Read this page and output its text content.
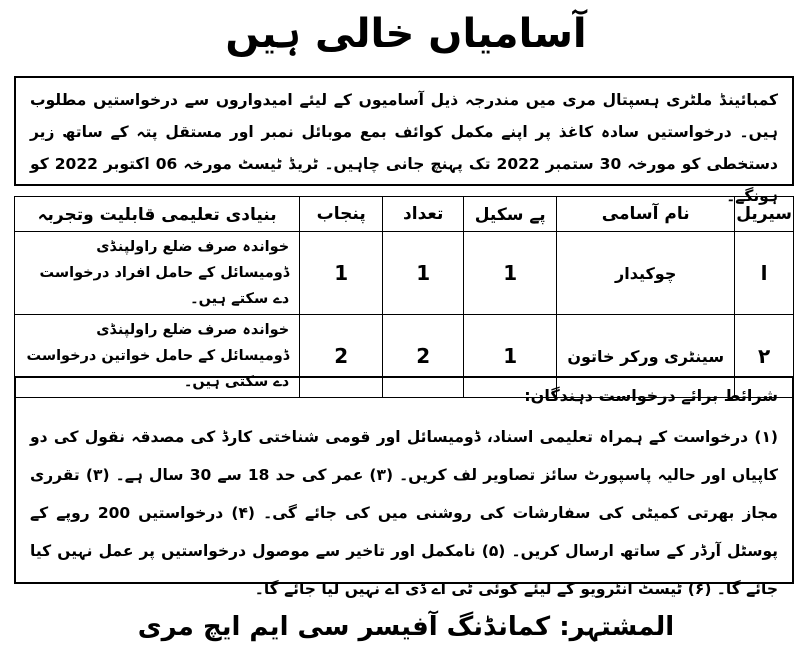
آسامیاں خالی ہیں
کمبائینڈ ملٹری ہسپتال مری میں مندرجہ ذیل آسامیوں کے لیئے امیدواروں سے درخواستیں مطلوب ہیں۔ درخواستیں سادہ کاغذ پر اپنے مکمل کوائف بمع موبائل نمبر اور مستقل پتہ کے ساتھ زیر دستخطی کو مورخہ 30 ستمبر 2022 تک پہنچ جانی چاہیں۔ ٹریڈ ٹیسٹ مورخہ 06 اکتوبر 2022 کو ہونگے۔
سیریل	نام آسامی	پے سکیل	تعداد	پنجاب	بنیادی تعلیمی قابلیت وتجربہ
ا	چوکیدار	1	1	1	خواندہ صرف ضلع راولپنڈی ڈومیسائل کے حامل افراد درخواست دے سکتے ہیں۔
۲	سینٹری ورکر خاتون	1	2	2	خواندہ صرف ضلع راولپنڈی ڈومیسائل کے حامل خواتین درخواست دے سکتی ہیں۔
شرائط برائے درخواست دہندگان:
(۱) درخواست کے ہمراہ تعلیمی اسناد، ڈومیسائل اور قومی شناختی کارڈ کی مصدقہ نقول کی دو کاپیاں اور حالیہ پاسپورٹ سائز تصاویر لف کریں۔ (۳) عمر کی حد 18 سے 30 سال ہے۔ (۳) تقرری مجاز بھرتی کمیٹی کی سفارشات کی روشنی میں کی جائے گی۔ (۴) درخواستیں 200 روپے کے پوسٹل آرڈر کے ساتھ ارسال کریں۔ (۵) نامکمل اور تاخیر سے موصول درخواستیں پر عمل نہیں کیا جائے گا۔ (۶) ٹیسٹ انٹرویو کے لیئے کوئی ٹی اے ڈی اے نہیں لیا جائے گا۔
المشتہر: کمانڈنگ آفیسر سی ایم ایچ مری
